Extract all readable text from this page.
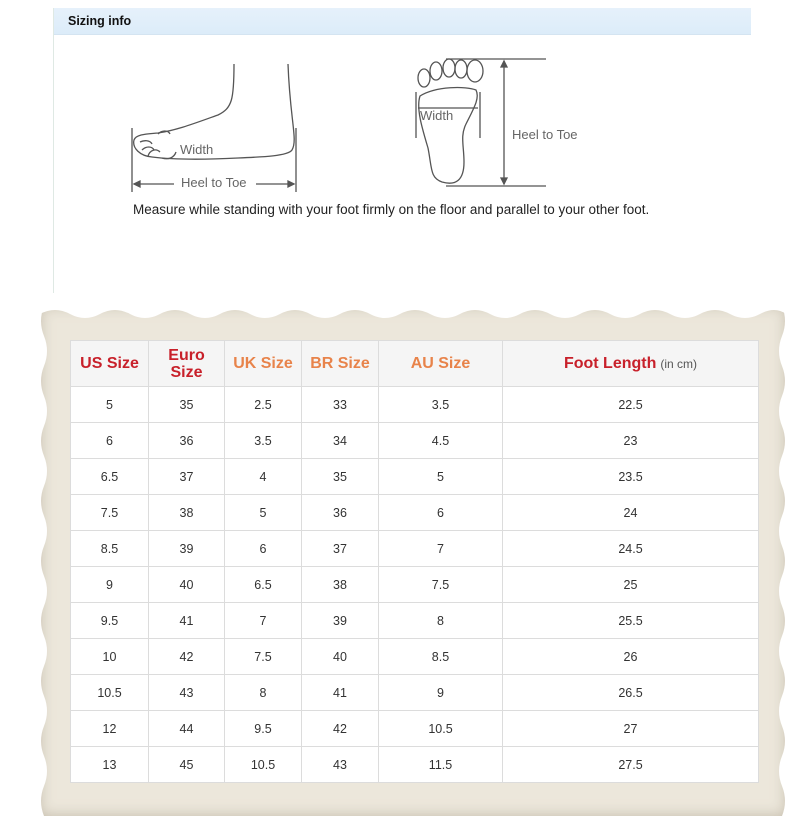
Sizing info
Width
Heel to Toe
Width
Heel to Toe
Measure while standing with your foot firmly on the floor and parallel to your other foot.
US Size	Euro Size	UK Size	BR Size	AU Size	Foot Length (in cm)
5	35	2.5	33	3.5	22.5
6	36	3.5	34	4.5	23
6.5	37	4	35	5	23.5
7.5	38	5	36	6	24
8.5	39	6	37	7	24.5
9	40	6.5	38	7.5	25
9.5	41	7	39	8	25.5
10	42	7.5	40	8.5	26
10.5	43	8	41	9	26.5
12	44	9.5	42	10.5	27
13	45	10.5	43	11.5	27.5
